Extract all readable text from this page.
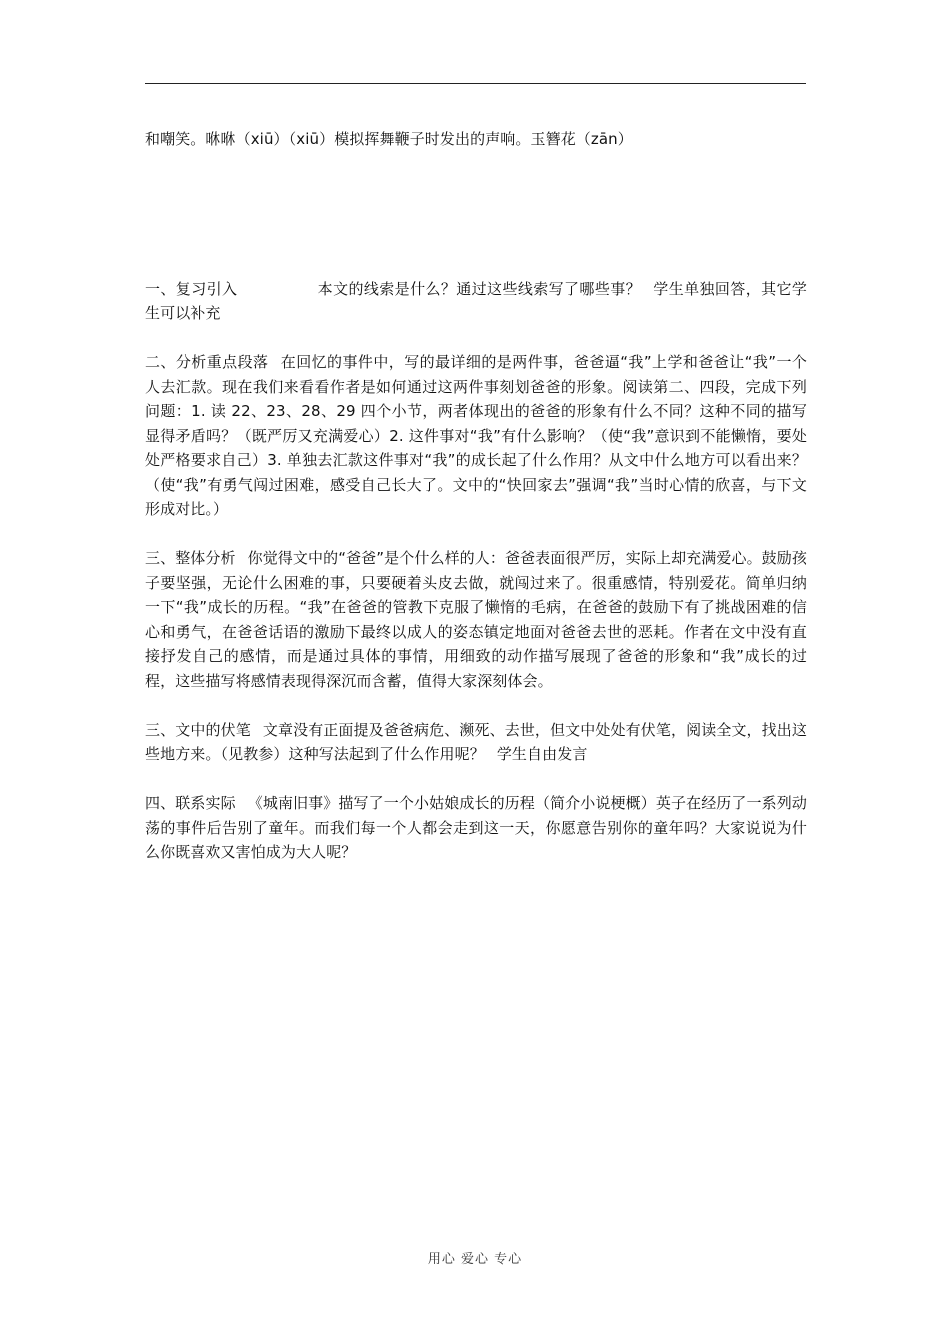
和嘲笑。咻咻（xiū）（xiū）模拟挥舞鞭子时发出的声响。玉簪花（zān）

一、复习引入	本文的线索是什么？通过这些线索写了哪些事？ 学生单独回答，其它学生可以补充

二、分析重点段落 在回忆的事件中，写的最详细的是两件事，爸爸逼“我”上学和爸爸让“我”一个人去汇款。现在我们来看看作者是如何通过这两件事刻划爸爸的形象。阅读第二、四段，完成下列问题：1. 读 22、23、28、29 四个小节，两者体现出的爸爸的形象有什么不同？这种不同的描写显得矛盾吗？（既严厉又充满爱心）2. 这件事对“我”有什么影响？（使“我”意识到不能懒惰，要处处严格要求自己）3. 单独去汇款这件事对“我”的成长起了什么作用？从文中什么地方可以看出来？（使“我”有勇气闯过困难，感受自己长大了。文中的“快回家去”强调“我”当时心情的欣喜，与下文形成对比。）

三、整体分析 你觉得文中的“爸爸”是个什么样的人：爸爸表面很严厉，实际上却充满爱心。鼓励孩子要坚强，无论什么困难的事，只要硬着头皮去做，就闯过来了。很重感情，特别爱花。简单归纳一下“我”成长的历程。“我”在爸爸的管教下克服了懒惰的毛病，在爸爸的鼓励下有了挑战困难的信心和勇气，在爸爸话语的激励下最终以成人的姿态镇定地面对爸爸去世的恶耗。作者在文中没有直接抒发自己的感情，而是通过具体的事情，用细致的动作描写展现了爸爸的形象和“我”成长的过程，这些描写将感情表现得深沉而含蓄，值得大家深刻体会。

三、文中的伏笔 文章没有正面提及爸爸病危、濒死、去世，但文中处处有伏笔，阅读全文，找出这些地方来。（见教参）这种写法起到了什么作用呢？ 学生自由发言

四、联系实际 《城南旧事》描写了一个小姑娘成长的历程（简介小说梗概）英子在经历了一系列动荡的事件后告别了童年。而我们每一个人都会走到这一天，你愿意告别你的童年吗？大家说说为什么你既喜欢又害怕成为大人呢？

用心 爱心 专心
